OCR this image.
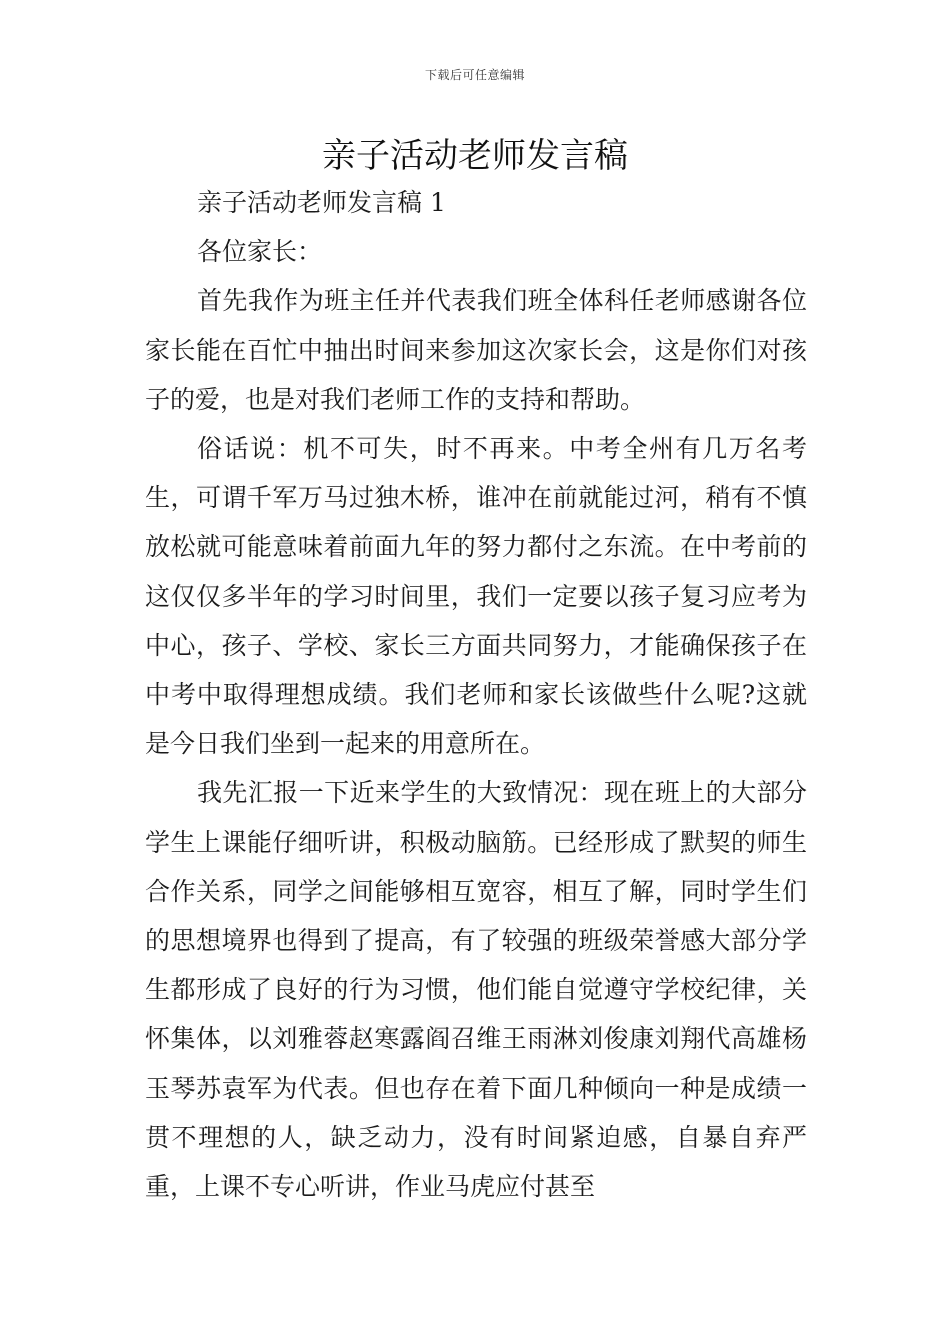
下载后可任意编辑
亲子活动老师发言稿

亲子活动老师发言稿 1

各位家长：

首先我作为班主任并代表我们班全体科任老师感谢各位家长能在百忙中抽出时间来参加这次家长会，这是你们对孩子的爱，也是对我们老师工作的支持和帮助。

俗话说：机不可失，时不再来。中考全州有几万名考生，可谓千军万马过独木桥，谁冲在前就能过河，稍有不慎放松就可能意味着前面九年的努力都付之东流。在中考前的这仅仅多半年的学习时间里，我们一定要以孩子复习应考为中心，孩子、学校、家长三方面共同努力，才能确保孩子在中考中取得理想成绩。我们老师和家长该做些什么呢?这就是今日我们坐到一起来的用意所在。

我先汇报一下近来学生的大致情况：现在班上的大部分学生上课能仔细听讲，积极动脑筋。已经形成了默契的师生合作关系，同学之间能够相互宽容，相互了解，同时学生们的思想境界也得到了提高，有了较强的班级荣誉感大部分学生都形成了良好的行为习惯，他们能自觉遵守学校纪律，关怀集体，以刘雅蓉赵寒露阎召维王雨淋刘俊康刘翔代高雄杨玉琴苏袁军为代表。但也存在着下面几种倾向一种是成绩一贯不理想的人，缺乏动力，没有时间紧迫感，自暴自弃严重，上课不专心听讲，作业马虎应付甚至
